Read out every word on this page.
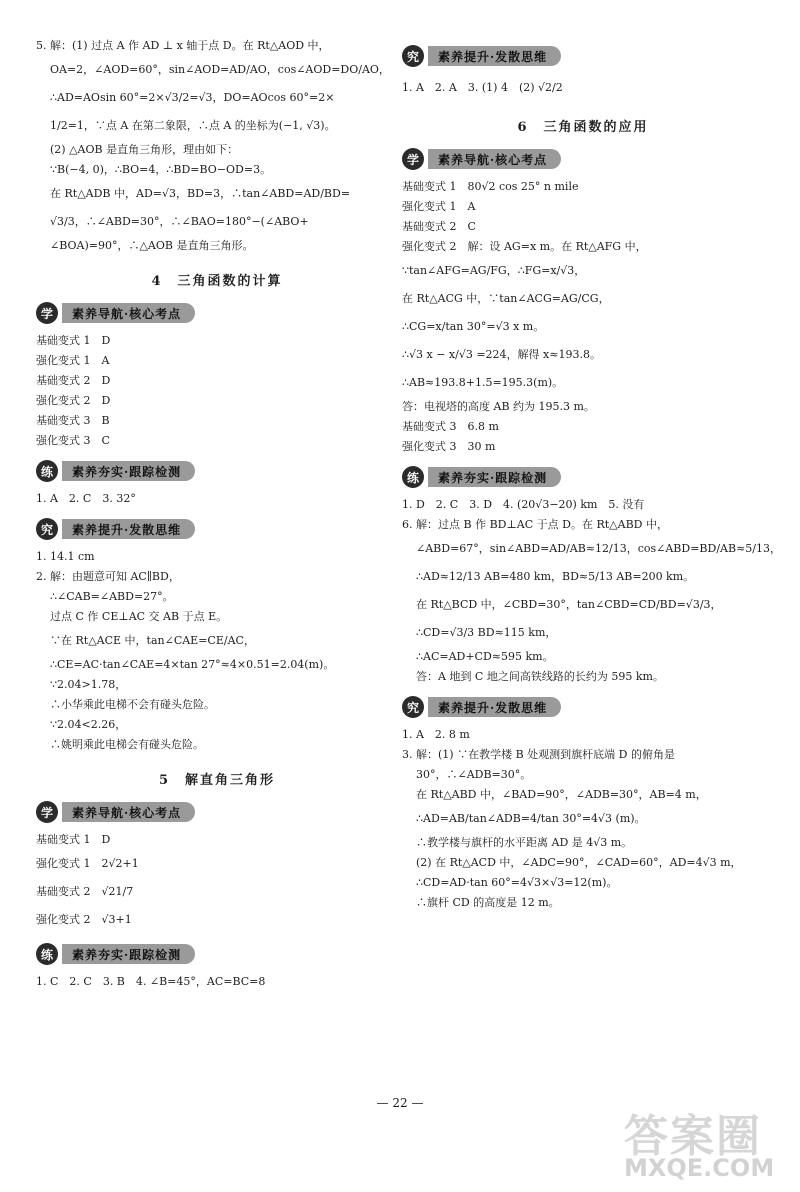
5. 解：(1) 过点 A 作 AD ⊥ x 轴于点 D。在 Rt△AOD 中，
OA=2，∠AOD=60°，sin∠AOD=AD/AO，cos∠AOD=DO/AO，
∴AD=AOsin 60°=2×√3/2=√3，DO=AOcos 60°=2×
1/2=1，∵点 A 在第二象限，∴点 A 的坐标为(−1, √3)。
(2) △AOB 是直角三角形，理由如下：
∵B(−4, 0)，∴BO=4，∴BD=BO−OD=3。
在 Rt△ADB 中，AD=√3，BD=3，∴tan∠ABD=AD/BD=
√3/3，∴∠ABD=30°，∴∠BAO=180°−(∠ABO+
∠BOA)=90°，∴△AOB 是直角三角形。
4　三角函数的计算
学	素养导航·核心考点
基础变式 1　D
强化变式 1　A
基础变式 2　D
强化变式 2　D
基础变式 3　B
强化变式 3　C
练	素养夯实·跟踪检测
1. A　2. C　3. 32°
究	素养提升·发散思维
1. 14.1 cm
2. 解：由题意可知 AC∥BD，
∴∠CAB=∠ABD=27°。
过点 C 作 CE⊥AC 交 AB 于点 E。
∵在 Rt△ACE 中，tan∠CAE=CE/AC，
∴CE=AC·tan∠CAE=4×tan 27°≈4×0.51=2.04(m)。
∵2.04>1.78，
∴小华乘此电梯不会有碰头危险。
∵2.04<2.26，
∴姚明乘此电梯会有碰头危险。
5　解直角三角形
学	素养导航·核心考点
基础变式 1　D
强化变式 1　2√2+1
基础变式 2　√21/7
强化变式 2　√3+1
练	素养夯实·跟踪检测
1. C　2. C　3. B　4. ∠B=45°，AC=BC=8
究	素养提升·发散思维
1. A　2. A　3. (1) 4　(2) √2/2
6　三角函数的应用
学	素养导航·核心考点
基础变式 1　80√2 cos 25° n mile
强化变式 1　A
基础变式 2　C
强化变式 2　解：设 AG=x m。在 Rt△AFG 中，
∵tan∠AFG=AG/FG，∴FG=x/√3，
在 Rt△ACG 中，∵tan∠ACG=AG/CG，
∴CG=x/tan 30°=√3 x m。
∴√3 x − x/√3 =224，解得 x≈193.8。
∴AB≈193.8+1.5=195.3(m)。
答：电视塔的高度 AB 约为 195.3 m。
基础变式 3　6.8 m
强化变式 3　30 m
练	素养夯实·跟踪检测
1. D　2. C　3. D　4. (20√3−20) km　5. 没有
6. 解：过点 B 作 BD⊥AC 于点 D。在 Rt△ABD 中，
∠ABD=67°，sin∠ABD=AD/AB≈12/13，cos∠ABD=BD/AB≈5/13，
∴AD≈12/13 AB=480 km，BD≈5/13 AB=200 km。
在 Rt△BCD 中，∠CBD=30°，tan∠CBD=CD/BD=√3/3，
∴CD=√3/3 BD≈115 km，
∴AC=AD+CD≈595 km。
答：A 地到 C 地之间高铁线路的长约为 595 km。
究	素养提升·发散思维
1. A　2. 8 m
3. 解：(1) ∵在教学楼 B 处观测到旗杆底端 D 的俯角是
30°，∴∠ADB=30°。
在 Rt△ABD 中，∠BAD=90°，∠ADB=30°，AB=4 m，
∴AD=AB/tan∠ADB=4/tan 30°=4√3 (m)。
∴教学楼与旗杆的水平距离 AD 是 4√3 m。
(2) 在 Rt△ACD 中，∠ADC=90°，∠CAD=60°，AD=4√3 m，
∴CD=AD·tan 60°=4√3×√3=12(m)。
∴旗杆 CD 的高度是 12 m。
— 22 —
答案圈
MXQE.COM
